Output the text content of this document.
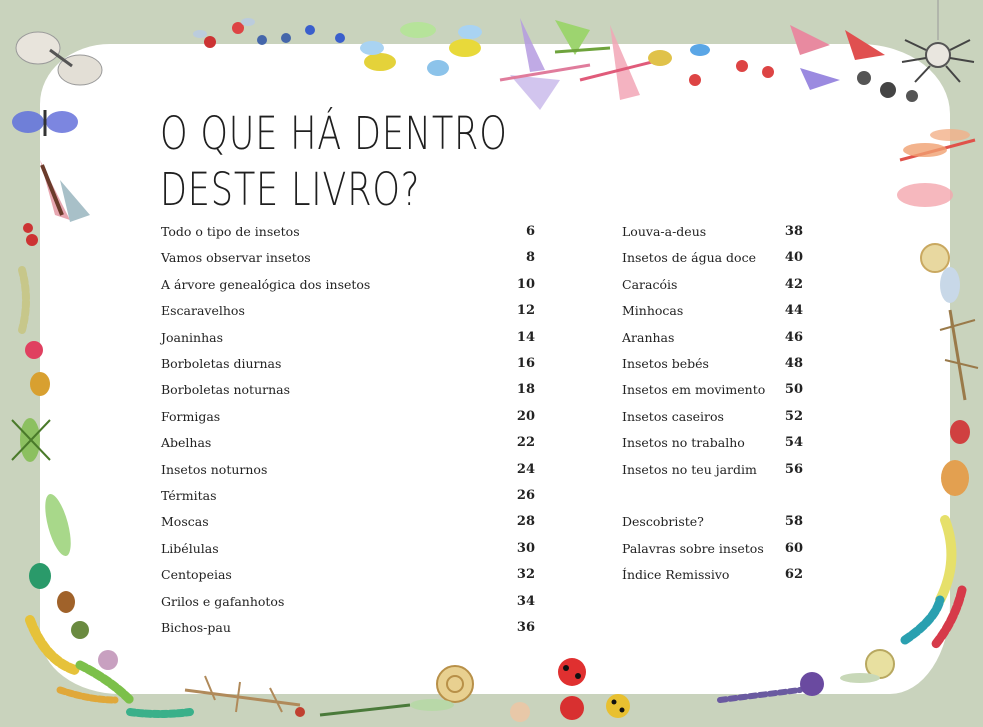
O QUE HÁ DENTRO
DESTE LIVRO?
Todo o tipo de insetos	6
Vamos observar insetos	8
A árvore genealógica dos insetos	10
Escaravelhos	12
Joaninhas	14
Borboletas diurnas	16
Borboletas noturnas	18
Formigas	20
Abelhas	22
Insetos noturnos	24
Térmitas	26
Moscas	28
Libélulas	30
Centopeias	32
Grilos e gafanhotos	34
Bichos-pau	36
Louva-a-deus	38
Insetos de água doce	40
Caracóis	42
Minhocas	44
Aranhas	46
Insetos bebés	48
Insetos em movimento	50
Insetos caseiros	52
Insetos no trabalho	54
Insetos no teu jardim	56
Descobriste?	58
Palavras sobre insetos	60
Índice Remissivo	62
